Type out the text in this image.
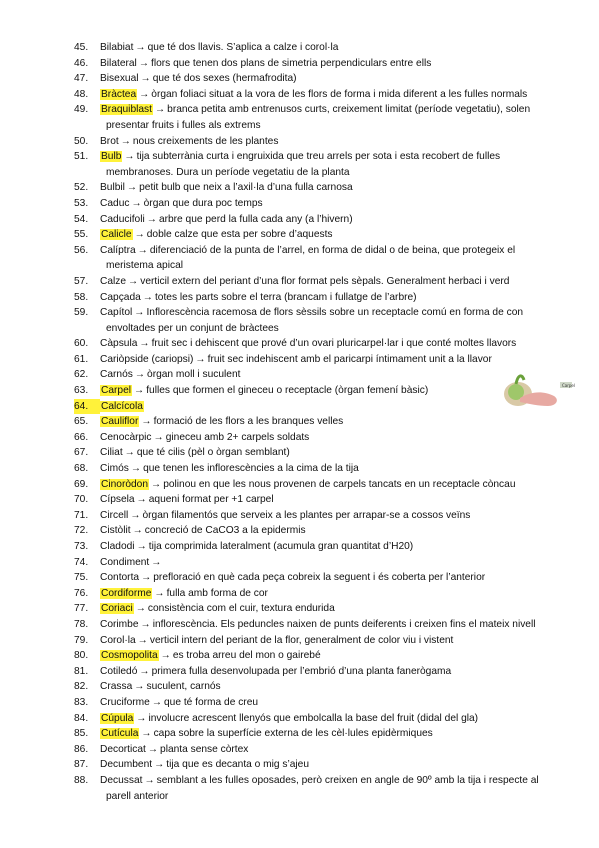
45.	Bilabiat → que té dos llavis. S’aplica a calze i corol·la
46.	Bilateral → flors que tenen dos plans de simetria perpendiculars entre ells
47.	Bisexual → que té dos sexes (hermafrodita)
48.	Bràctea → òrgan foliaci situat a la vora de les flors de forma i mida diferent a les fulles normals
49.	Braquiblast → branca petita amb entrenusos curts, creixement limitat (període vegetatiu), solen
presentar fruits i fulles als extrems
50.	Brot → nous creixements de les plantes
51.	Bulb → tija subterrània curta i engruixida que treu arrels per sota i esta recobert de fulles
membranoses. Dura un període vegetatiu de la planta
52.	Bulbil → petit bulb que neix a l’axil·la d’una fulla carnosa
53.	Caduc → òrgan que dura poc temps
54.	Caducifoli → arbre que perd la fulla cada any (a l’hivern)
55.	Calicle → doble calze que esta per sobre d’aquests
56.	Calíptra → diferenciació de la punta de l’arrel, en forma de didal o de beina, que protegeix el
meristema apical
57.	Calze → verticil extern del periant d’una flor format pels sèpals. Generalment herbaci i verd
58.	Capçada → totes les parts sobre el terra (brancam i fullatge de l’arbre)
59.	Capítol → Inflorescència racemosa de flors sèssils sobre un receptacle comú en forma de con
envoltades per un conjunt de bràctees
60.	Càpsula → fruit sec i dehiscent que prové d’un ovari pluricarpel·lar i que conté moltes llavors
61.	Cariòpside (cariopsi) → fruit sec indehiscent amb el paricarpi íntimament unit a la llavor
62.	Carnós → òrgan moll i suculent
63.	Carpel → fulles que formen el gineceu o receptacle (òrgan femení bàsic)
64.	Calcícola
65.	Cauliflor → formació de les flors a les branques velles
66.	Cenocàrpic → gineceu amb 2+ carpels soldats
67.	Ciliat → que té cilis (pèl o òrgan semblant)
68.	Cimós → que tenen les inflorescències a la cima de la tija
69.	Cinoròdon → polinou en que les nous provenen de carpels tancats en un receptacle còncau
70.	Cípsela → aqueni format per +1 carpel
71.	Circell → òrgan filamentós que serveix a les plantes per arrapar-se a cossos veïns
72.	Cistòlit → concreció de CaCO3 a la epidermis
73.	Cladodi → tija comprimida lateralment (acumula gran quantitat d’H20)
74.	Condiment →
75.	Contorta → prefloració en què cada peça cobreix la seguent i és coberta per l’anterior
76.	Cordiforme → fulla amb forma de cor
77.	Coriaci → consistència com el cuir, textura endurida
78.	Corimbe → inflorescència. Els peduncles naixen de punts deiferents i creixen fins el mateix nivell
79.	Corol·la → verticil intern del periant de la flor, generalment de color viu i vistent
80.	Cosmopolita → es troba arreu del mon o gairebé
81.	Cotiledó → primera fulla desenvolupada per l’embrió d’una planta fanerògama
82.	Crassa → suculent, carnós
83.	Cruciforme → que té forma de creu
84.	Cúpula → involucre acrescent llenyós que embolcalla la base del fruit (didal del gla)
85.	Cutícula → capa sobre la superfície externa de les cèl·lules epidèrmiques
86.	Decorticat → planta sense còrtex
87.	Decumbent → tija que es decanta o mig s’ajeu
88.	Decussat → semblant a les fulles oposades, però creixen en angle de 90º amb la tija i respecte al
parell anterior
Carpel
